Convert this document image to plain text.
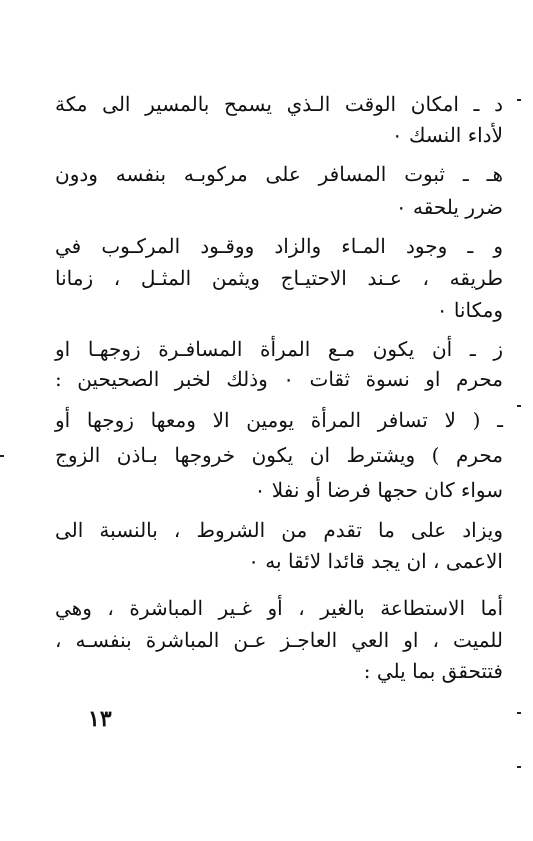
د ـ امكان الوقت الـذي يسمح بالمسير الى مكة
لأداء النسك ٠
هـ ـ ثبوت المسافر على مركوبـه بنفسه ودون
ضرر يلحقه ٠
و ـ وجود المـاء والزاد ووقـود المركـوب في
طريقه ، عـند الاحتيـاج ويثمن المثـل ، زمانا
ومكانا ٠
ز ـ أن يكون مـع المرأة المسافـرة زوجهـا او
محرم او نسوة ثقات ٠ وذلك لخبر الصحيحين :
ـ ( لا تسافر المرأة يومين الا ومعها زوجها أو
محرم ) ويشترط ان يكون خروجها بـاذن الزوج
سواء كان حجها فرضا أو نفلا ٠
ويزاد على ما تقدم من الشروط ، بالنسبة الى
الاعمى ، ان يجد قائدا لائقا به ٠
أما الاستطاعة بالغير ، أو غـير المباشرة ، وهي
للميت ، او العي العاجـز عـن المباشرة بنفسـه ،
فتتحقق بما يلي :
١٣
